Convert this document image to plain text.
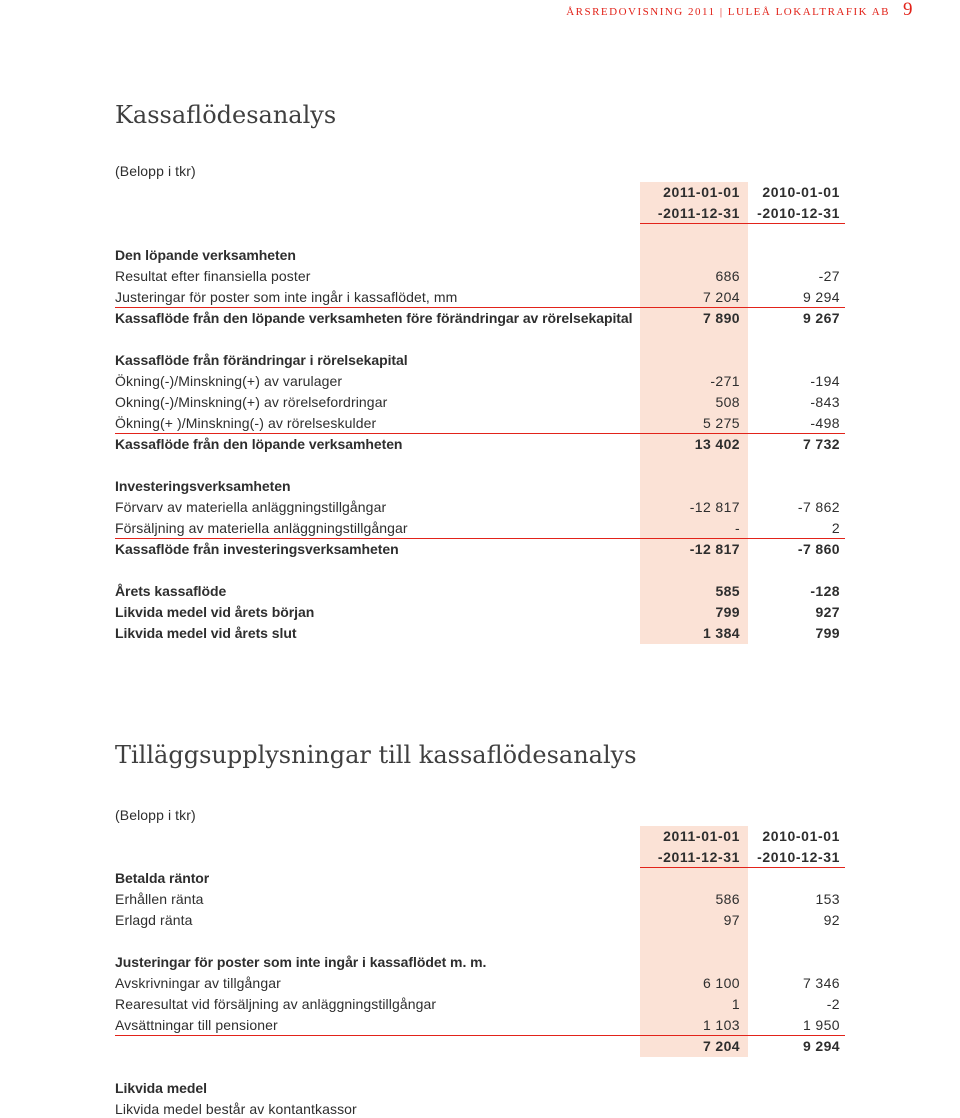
ÅRSREDOVISNING 2011 | LULEÅ LOKALTRAFIK AB 9
Kassaflödesanalys
(Belopp i tkr)
2011-01-01	2010-01-01
-2011-12-31	-2010-12-31
Den löpande verksamheten
Resultat efter finansiella poster	686	-27
Justeringar för poster som inte ingår i kassaflödet, mm	7 204	9 294
Kassaflöde från den löpande verksamheten före förändringar av rörelsekapital	7 890	9 267
Kassaflöde från förändringar i rörelsekapital
Ökning(-)/Minskning(+) av varulager	-271	-194
Okning(-)/Minskning(+) av rörelsefordringar	508	-843
Ökning(+ )/Minskning(-) av rörelseskulder	5 275	-498
Kassaflöde från den löpande verksamheten	13 402	7 732
Investeringsverksamheten
Förvarv av materiella anläggningstillgångar	-12 817	-7 862
Försäljning av materiella anläggningstillgångar	-	2
Kassaflöde från investeringsverksamheten	-12 817	-7 860
Årets kassaflöde	585	-128
Likvida medel vid årets början	799	927
Likvida medel vid årets slut	1 384	799
Tilläggsupplysningar till kassaflödesanalys
(Belopp i tkr)
2011-01-01	2010-01-01
-2011-12-31	-2010-12-31
Betalda räntor
Erhållen ränta	586	153
Erlagd ränta	97	92
Justeringar för poster som inte ingår i kassaflödet m. m.
Avskrivningar av tillgångar	6 100	7 346
Rearesultat vid försäljning av anläggningstillgångar	1	-2
Avsättningar till pensioner	1 103	1 950
7 204	9 294
Likvida medel
Likvida medel består av kontantkassor
